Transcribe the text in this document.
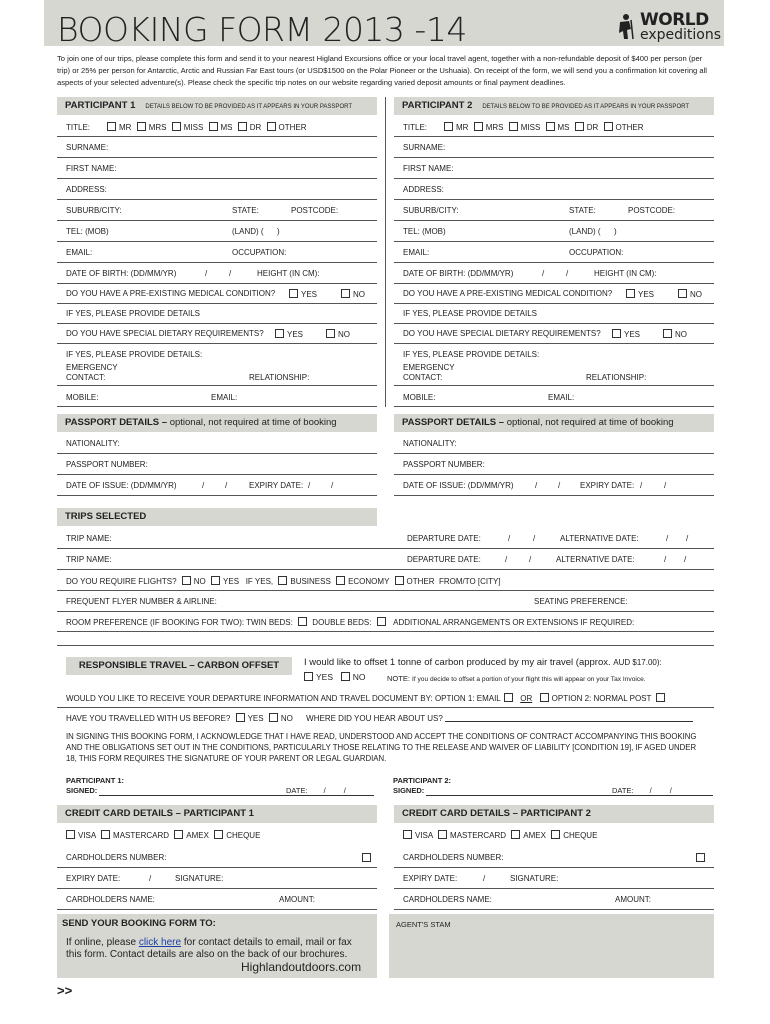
BOOKING FORM 2013 -14	WORLD
expeditions
To join one of our trips, please complete this form and send it to your nearest Higland Excursions office or your local travel agent, together with a non-refundable deposit of $400 per person (per trip) or 25% per person for Antarctic, Arctic and Russian Far East tours (or USD$1500 on the Polar Pioneer or the Ushuaia). On receipt of the form, we will send you a confirmation kit covering all aspects of your selected adventure(s). Please check the specific trip notes on our website regarding varied deposit amounts or final payment deadlines.
PARTICIPANT 1 DETAILS BELOW TO BE PROVIDED AS IT APPEARS IN YOUR PASSPORT	PARTICIPANT 2 DETAILS BELOW TO BE PROVIDED AS IT APPEARS IN YOUR PASSPORT
TITLE:	MR MRS MISS MS DR OTHER	TITLE:	MR MRS MISS MS DR OTHER
SURNAME:	SURNAME:
FIRST NAME:	FIRST NAME:
ADDRESS:	ADDRESS:
SUBURB/CITY:	STATE:	POSTCODE:	SUBURB/CITY:	STATE:	POSTCODE:
TEL: (MOB)	(LAND) ( )	TEL: (MOB)	(LAND) ( )
EMAIL:	OCCUPATION:	EMAIL:	OCCUPATION:
DATE OF BIRTH: (DD/MM/YR)	/	/	HEIGHT (IN CM):	DATE OF BIRTH: (DD/MM/YR)	/	/	HEIGHT (IN CM):
DO YOU HAVE A PRE-EXISTING MEDICAL CONDITION?	YES	NO	DO YOU HAVE A PRE-EXISTING MEDICAL CONDITION?	YES	NO
IF YES, PLEASE PROVIDE DETAILS	IF YES, PLEASE PROVIDE DETAILS
DO YOU HAVE SPECIAL DIETARY REQUIREMENTS?	YES	NO	DO YOU HAVE SPECIAL DIETARY REQUIREMENTS?	YES	NO
IF YES, PLEASE PROVIDE DETAILS:
EMERGENCY
CONTACT:	RELATIONSHIP:
IF YES, PLEASE PROVIDE DETAILS:
EMERGENCY
CONTACT:	RELATIONSHIP:
MOBILE:	EMAIL:	MOBILE:	EMAIL:
PASSPORT DETAILS – optional, not required at time of booking	PASSPORT DETAILS – optional, not required at time of booking
NATIONALITY:	NATIONALITY:
PASSPORT NUMBER:	PASSPORT NUMBER:
DATE OF ISSUE: (DD/MM/YR)	/	/	EXPIRY DATE: /	/	DATE OF ISSUE: (DD/MM/YR)	/	/ EXPIRY DATE: /	/
TRIPS SELECTED
TRIP NAME:	DEPARTURE DATE:	/	/	ALTERNATIVE DATE:	/ /
TRIP NAME:	DEPARTURE DATE:	/	/	ALTERNATIVE DATE:	/ /
DO YOU REQUIRE FLIGHTS? NO YES IF YES, BUSINESS ECONOMY OTHER FROM/TO [CITY]
FREQUENT FLYER NUMBER & AIRLINE:	SEATING PREFERENCE:
ROOM PREFERENCE (IF BOOKING FOR TWO): TWIN BEDS: DOUBLE BEDS:	ADDITIONAL ARRANGEMENTS OR EXTENSIONS IF REQUIRED:
RESPONSIBLE TRAVEL – CARBON OFFSET	I would like to offset 1 tonne of carbon produced by my air travel (approx. AUD $17.00):
YES NO	NOTE: If you decide to offset a portion of your flight this will appear on your Tax Invoice.
WOULD YOU LIKE TO RECEIVE YOUR DEPARTURE INFORMATION AND TRAVEL DOCUMENT BY: OPTION 1: EMAIL OR OPTION 2: NORMAL POST
HAVE YOU TRAVELLED WITH US BEFORE? YES NO WHERE DID YOU HEAR ABOUT US?
IN SIGNING THIS BOOKING FORM, I ACKNOWLEDGE THAT I HAVE READ, UNDERSTOOD AND ACCEPT THE CONDITIONS OF CONTRACT ACCOMPANYING THIS BOOKING AND THE OBLIGATIONS SET OUT IN THE CONDITIONS, PARTICULARLY THOSE RELATING TO THE RELEASE AND WAIVER OF LIABILITY [CONDITION 19], IF AGED UNDER 18, THIS FORM REQUIRES THE SIGNATURE OF YOUR PARENT OR LEGAL GUARDIAN.
PARTICIPANT 1:
SIGNED:	DATE: / /
PARTICIPANT 2:
SIGNED:	DATE: / /
CREDIT CARD DETAILS – PARTICIPANT 1	CREDIT CARD DETAILS – PARTICIPANT 2
VISA MASTERCARD AMEX CHEQUE	VISA MASTERCARD AMEX CHEQUE
CARDHOLDERS NUMBER:	CARDHOLDERS NUMBER:
EXPIRY DATE:	/	SIGNATURE:	EXPIRY DATE:	/	SIGNATURE:
CARDHOLDERS NAME:	AMOUNT:	CARDHOLDERS NAME:	AMOUNT:
SEND YOUR BOOKING FORM TO:
If online, please click here for contact details to email, mail or fax
this form. Contact details are also on the back of our brochures.
Highlandoutdoors.com
AGENT'S STAM
>>
